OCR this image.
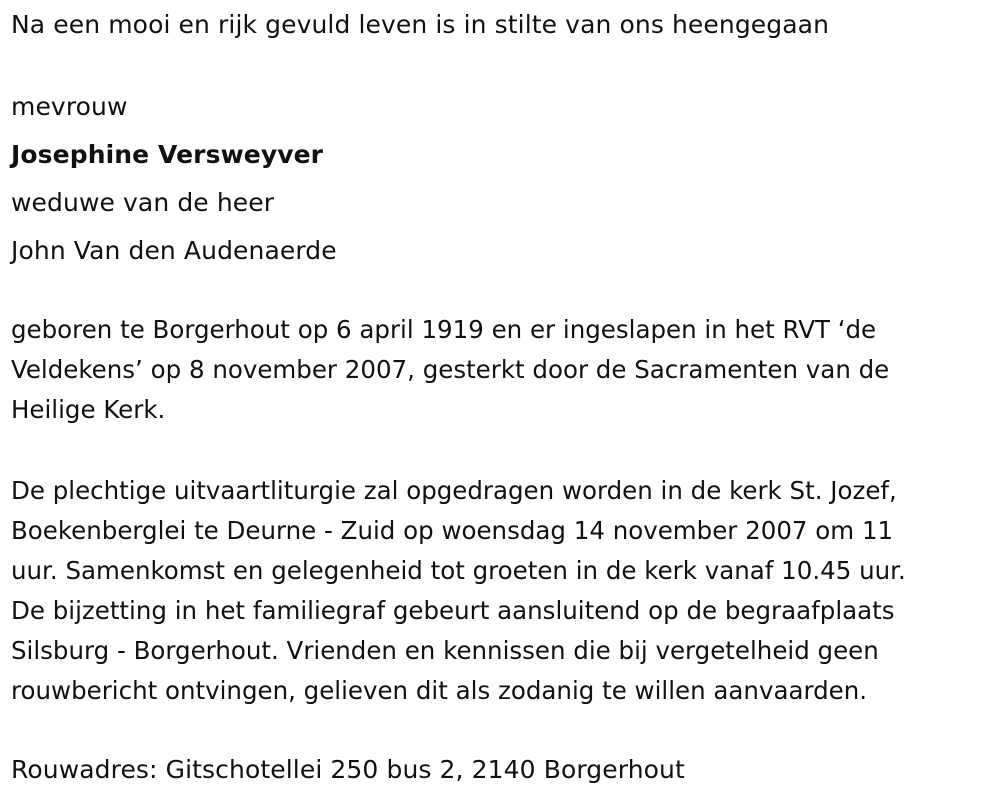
Na een mooi en rijk gevuld leven is in stilte van ons heengegaan
mevrouw
Josephine Versweyver
weduwe van de heer
John Van den Audenaerde
geboren te Borgerhout op 6 april 1919 en er ingeslapen in het RVT ‘de
Veldekens’ op 8 november 2007, gesterkt door de Sacramenten van de
Heilige Kerk.
De plechtige uitvaartliturgie zal opgedragen worden in de kerk St. Jozef,
Boekenberglei te Deurne - Zuid op woensdag 14 november 2007 om 11
uur. Samenkomst en gelegenheid tot groeten in de kerk vanaf 10.45 uur.
De bijzetting in het familiegraf gebeurt aansluitend op de begraafplaats
Silsburg - Borgerhout. Vrienden en kennissen die bij vergetelheid geen
rouwbericht ontvingen, gelieven dit als zodanig te willen aanvaarden.
Rouwadres: Gitschotellei 250 bus 2, 2140 Borgerhout
